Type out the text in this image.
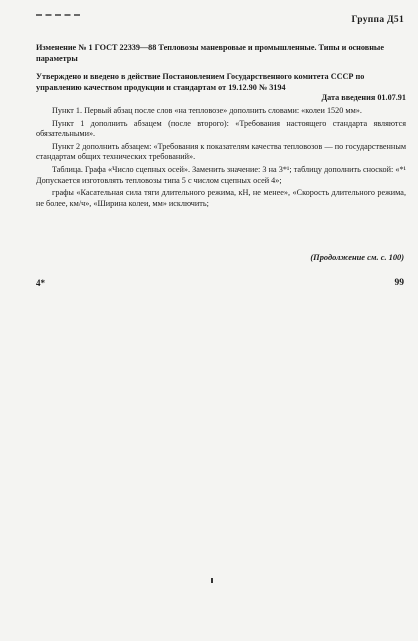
Группа Д51
Изменение № 1 ГОСТ 22339—88 Тепловозы маневровые и промышленные. Типы и основные параметры
Утверждено и введено в действие Постановлением Государственного комитета СССР по управлению качеством продукции и стандартам от 19.12.90 № 3194
Дата введения 01.07.91

Пункт 1. Первый абзац после слов «на тепловозе» дополнить словами: «колеи 1520 мм».

Пункт 1 дополнить абзацем (после второго): «Требования настоящего стандарта являются обязательными».

Пункт 2 дополнить абзацем: «Требования к показателям качества тепловозов — по государственным стандартам общих технических требований».

Таблица. Графа «Число сцепных осей». Заменить значение: 3 на 3*¹; таблицу дополнить сноской: «*¹ Допускается изготовлять тепловозы типа 5 с числом сцепных осей 4»;

графы «Касательная сила тяги длительного режима, кН, не менее», «Скорость длительного режима, не более, км/ч», «Ширина колеи, мм» исключить;

(Продолжение см. с. 100)
4*	99
